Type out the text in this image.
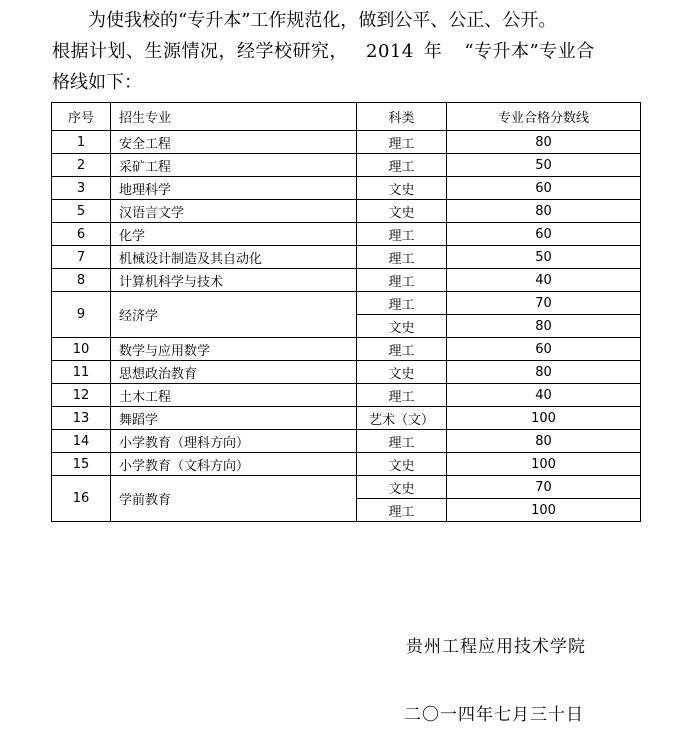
为使我校的“专升本”工作规范化，做到公平、公正、公开。
根据计划、生源情况，经学校研究， 2014 年 “专升本”专业合
格线如下：
序号	招生专业	科类	专业合格分数线
1	安全工程	理工	80
2	采矿工程	理工	50
3	地理科学	文史	60
5	汉语言文学	文史	80
6	化学	理工	60
7	机械设计制造及其自动化	理工	50
8	计算机科学与技术	理工	40
9	经济学	理工	70
		文史	80
10	数学与应用数学	理工	60
11	思想政治教育	文史	80
12	土木工程	理工	40
13	舞蹈学	艺术（文）	100
14	小学教育（理科方向）	理工	80
15	小学教育（文科方向）	文史	100
16	学前教育	文史	70
		理工	100
贵州工程应用技术学院
二〇一四年七月三十日
